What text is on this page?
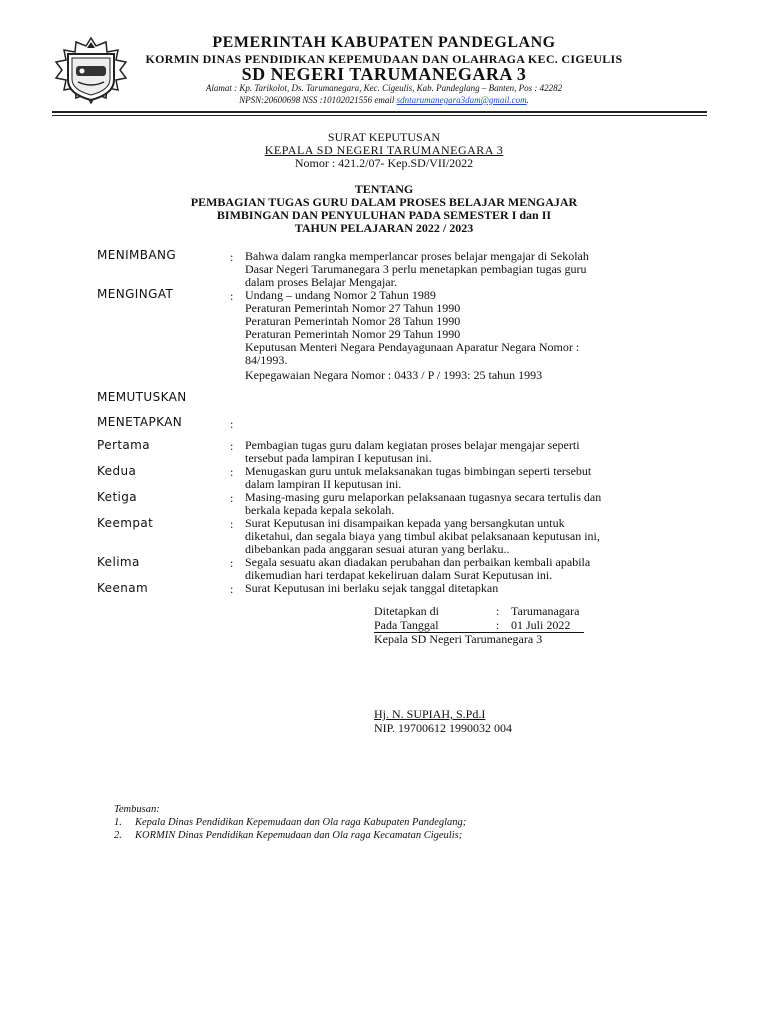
PEMERINTAH KABUPATEN PANDEGLANG
KORMIN DINAS PENDIDIKAN KEPEMUDAAN DAN OLAHRAGA KEC. CIGEULIS
SD NEGERI TARUMANEGARA 3
Alamat : Kp. Tarikolot, Ds. Tarumanegara, Kec. Cigeulis, Kab. Pandeglang – Banten, Pos : 42282
NPSN:20600698 NSS :10102021556 email sdntarumanegara3dam@gmail.com.
SURAT KEPUTUSAN
KEPALA SD NEGERI TARUMANEGARA 3
Nomor : 421.2/07- Kep.SD/VII/2022
TENTANG
PEMBAGIAN TUGAS GURU DALAM PROSES BELAJAR MENGAJAR
BIMBINGAN DAN PENYULUHAN PADA SEMESTER I dan II
TAHUN PELAJARAN 2022 / 2023
MENIMBANG	: Bahwa dalam rangka memperlancar proses belajar mengajar di Sekolah
Dasar Negeri Tarumanegara 3 perlu menetapkan pembagian tugas guru
dalam proses Belajar Mengajar.
MENGINGAT	: Undang – undang Nomor 2 Tahun 1989
Peraturan Pemerintah Nomor 27 Tahun 1990
Peraturan Pemerintah Nomor 28 Tahun 1990
Peraturan Pemerintah Nomor 29 Tahun 1990
Keputusan Menteri Negara Pendayagunaan Aparatur Negara Nomor :
84/1993.
Kepegawaian Negara Nomor : 0433 / P / 1993: 25 tahun 1993
MEMUTUSKAN
MENETAPKAN	:
Pertama	: Pembagian tugas guru dalam kegiatan proses belajar mengajar seperti
tersebut pada lampiran I keputusan ini.
Kedua	: Menugaskan guru untuk melaksanakan tugas bimbingan seperti tersebut
dalam lampiran II keputusan ini.
Ketiga	: Masing-masing guru melaporkan pelaksanaan tugasnya secara tertulis dan
berkala kepada kepala sekolah.
Keempat	: Surat Keputusan ini disampaikan kepada yang bersangkutan untuk
diketahui, dan segala biaya yang timbul akibat pelaksanaan keputusan ini,
dibebankan pada anggaran sesuai aturan yang berlaku..
Kelima	: Segala sesuatu akan diadakan perubahan dan perbaikan kembali apabila
dikemudian hari terdapat kekeliruan dalam Surat Keputusan ini.
Keenam	: Surat Keputusan ini berlaku sejak tanggal ditetapkan
Ditetapkan di	: Tarumanagara
Pada Tanggal	: 01 Juli 2022
Kepala SD Negeri Tarumanegara 3
Hj. N. SUPIAH, S.Pd.I
NIP. 19700612 1990032 004
Tembusan:
1. Kepala Dinas Pendidikan Kepemudaan dan Ola raga Kabupaten Pandeglang;
2. KORMIN Dinas Pendidikan Kepemudaan dan Ola raga Kecamatan Cigeulis;
